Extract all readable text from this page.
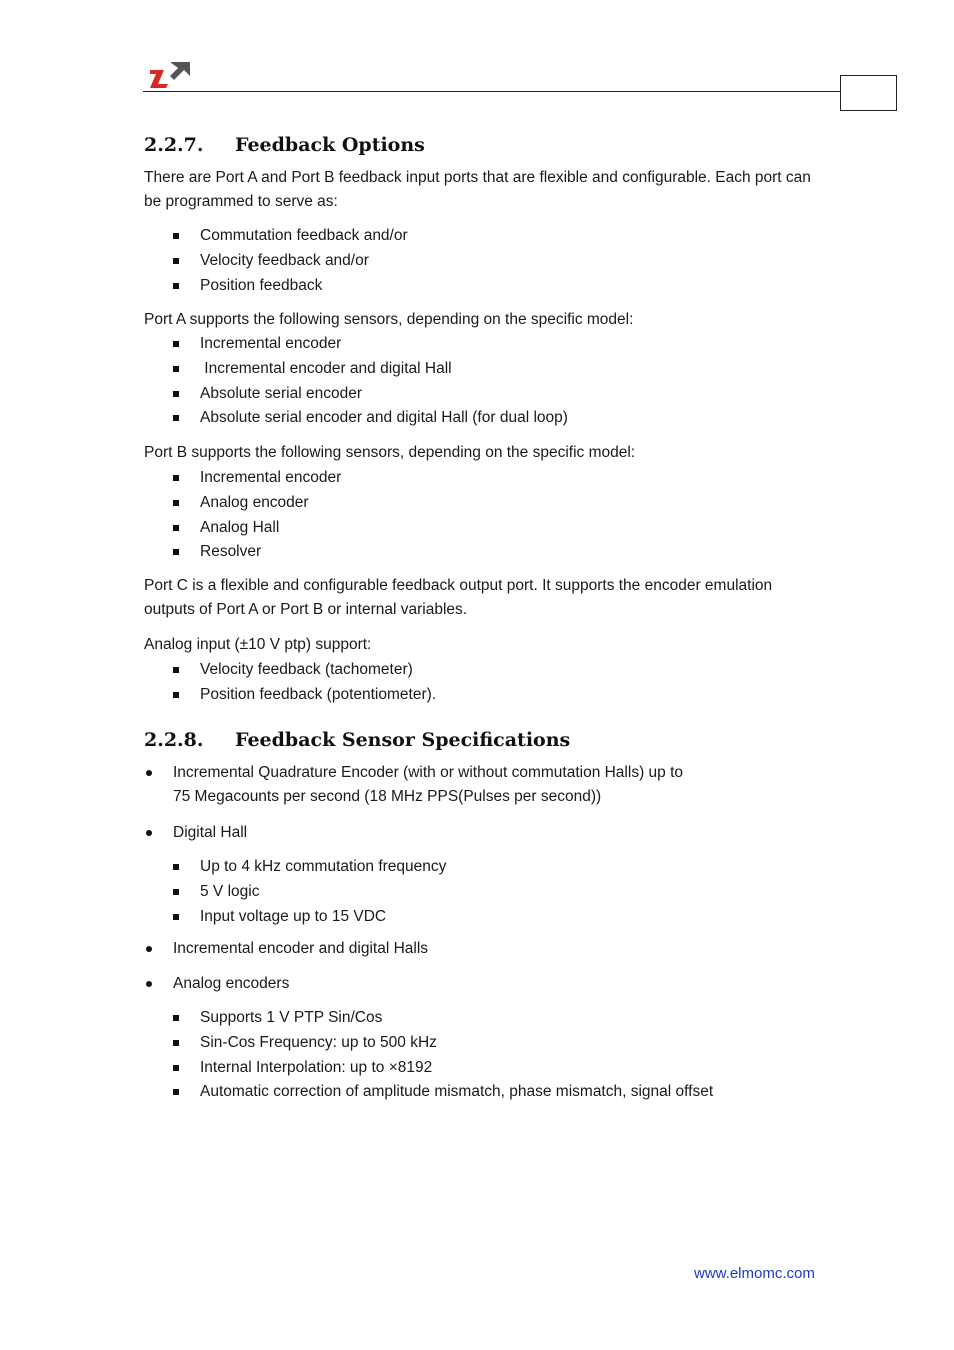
2.2.7. Feedback Options

There are Port A and Port B feedback input ports that are flexible and configurable. Each port can be programmed to serve as:

Commutation feedback and/or
Velocity feedback and/or
Position feedback

Port A supports the following sensors, depending on the specific model:

Incremental encoder
Incremental encoder and digital Hall
Absolute serial encoder
Absolute serial encoder and digital Hall (for dual loop)

Port B supports the following sensors, depending on the specific model:

Incremental encoder
Analog encoder
Analog Hall
Resolver

Port C is a flexible and configurable feedback output port. It supports the encoder emulation outputs of Port A or Port B or internal variables.

Analog input (±10 V ptp) support:

Velocity feedback (tachometer)
Position feedback (potentiometer).
2.2.8. Feedback Sensor Specifications
Incremental Quadrature Encoder (with or without commutation Halls) up to
75 Megacounts per second (18 MHz PPS(Pulses per second))
Digital Hall
Up to 4 kHz commutation frequency
5 V logic
Input voltage up to 15 VDC
Incremental encoder and digital Halls
Analog encoders
Supports 1 V PTP Sin/Cos
Sin-Cos Frequency: up to 500 kHz
Internal Interpolation: up to ×8192
Automatic correction of amplitude mismatch, phase mismatch, signal offset
www.elmomc.com
